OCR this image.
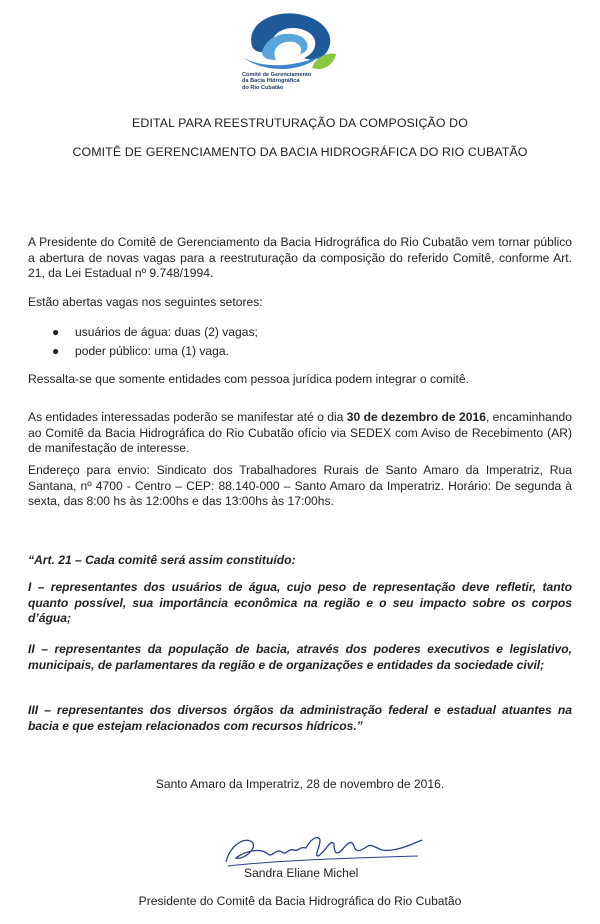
Comitê de Gerenciamento
da Bacia Hidrográfica
do Rio Cubatão
EDITAL PARA REESTRUTURAÇÃO DA COMPOSIÇÃO DO
COMITÊ DE GERENCIAMENTO DA BACIA HIDROGRÁFICA DO RIO CUBATÃO
A Presidente do Comitê de Gerenciamento da Bacia Hidrográfica do Rio Cubatão vem tornar público a abertura de novas vagas para a reestruturação da composição do referido Comitê, conforme Art. 21, da Lei Estadual nº 9.748/1994.
Estão abertas vagas nos seguintes setores:
● usuários de água: duas (2) vagas;
● poder público: uma (1) vaga.
Ressalta-se que somente entidades com pessoa jurídica podem integrar o comitê.
As entidades interessadas poderão se manifestar até o dia 30 de dezembro de 2016, encaminhando ao Comitê da Bacia Hidrográfica do Rio Cubatão ofício via SEDEX com Aviso de Recebimento (AR) de manifestação de interesse.
Endereço para envio: Sindicato dos Trabalhadores Rurais de Santo Amaro da Imperatriz, Rua Santana, nº 4700 - Centro – CEP: 88.140-000 – Santo Amaro da Imperatriz. Horário: De segunda à sexta, das 8:00 hs às 12:00hs e das 13:00hs às 17:00hs.
“Art. 21 – Cada comitê será assim constituído:
I – representantes dos usuários de água, cujo peso de representação deve refletir, tanto quanto possível, sua importância econômica na região e o seu impacto sobre os corpos d’água;
II – representantes da população de bacia, através dos poderes executivos e legislativo, municipais, de parlamentares da região e de organizações e entidades da sociedade civil;
III – representantes dos diversos órgãos da administração federal e estadual atuantes na bacia e que estejam relacionados com recursos hídricos.”
Santo Amaro da Imperatriz, 28 de novembro de 2016.
Sandra Eliane Michel
Presidente do Comitê da Bacia Hidrográfica do Rio Cubatão
